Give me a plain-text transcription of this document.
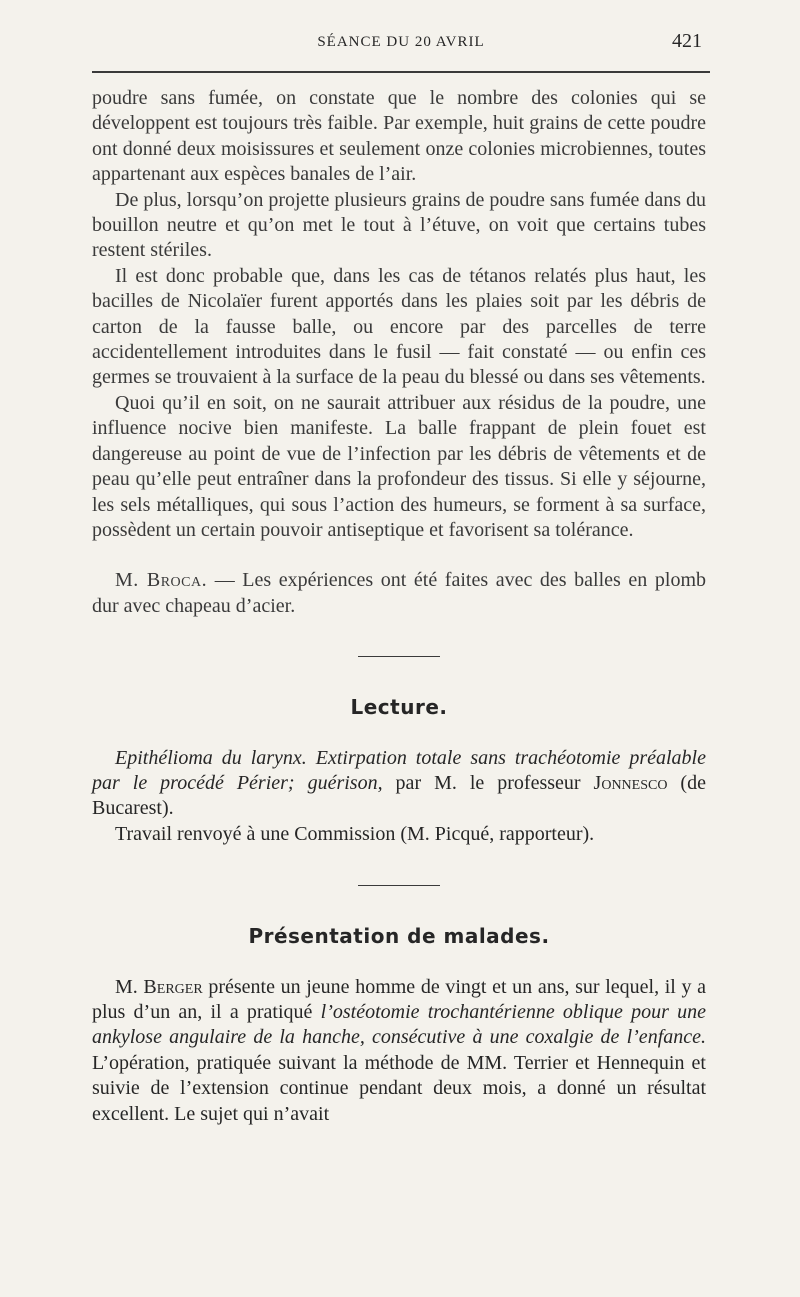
SÉANCE DU 20 AVRIL	421

poudre sans fumée, on constate que le nombre des colonies qui se développent est toujours très faible. Par exemple, huit grains de cette poudre ont donné deux moisissures et seulement onze colonies microbiennes, toutes appartenant aux espèces banales de l’air.

De plus, lorsqu’on projette plusieurs grains de poudre sans fumée dans du bouillon neutre et qu’on met le tout à l’étuve, on voit que certains tubes restent stériles.

Il est donc probable que, dans les cas de tétanos relatés plus haut, les bacilles de Nicolaïer furent apportés dans les plaies soit par les débris de carton de la fausse balle, ou encore par des parcelles de terre accidentellement introduites dans le fusil — fait constaté — ou enfin ces germes se trouvaient à la surface de la peau du blessé ou dans ses vêtements.

Quoi qu’il en soit, on ne saurait attribuer aux résidus de la poudre, une influence nocive bien manifeste. La balle frappant de plein fouet est dangereuse au point de vue de l’infection par les débris de vêtements et de peau qu’elle peut entraîner dans la profondeur des tissus. Si elle y séjourne, les sels métalliques, qui sous l’action des humeurs, se forment à sa surface, possèdent un certain pouvoir antiseptique et favorisent sa tolérance.

M. Broca. — Les expériences ont été faites avec des balles en plomb dur avec chapeau d’acier.

Lecture.

Epithélioma du larynx. Extirpation totale sans trachéotomie préalable par le procédé Périer; guérison, par M. le professeur Jonnesco (de Bucarest).

Travail renvoyé à une Commission (M. Picqué, rapporteur).

Présentation de malades.

M. Berger présente un jeune homme de vingt et un ans, sur lequel, il y a plus d’un an, il a pratiqué l’ostéotomie trochantérienne oblique pour une ankylose angulaire de la hanche, consécutive à une coxalgie de l’enfance. L’opération, pratiquée suivant la méthode de MM. Terrier et Hennequin et suivie de l’extension continue pendant deux mois, a donné un résultat excellent. Le sujet qui n’avait
